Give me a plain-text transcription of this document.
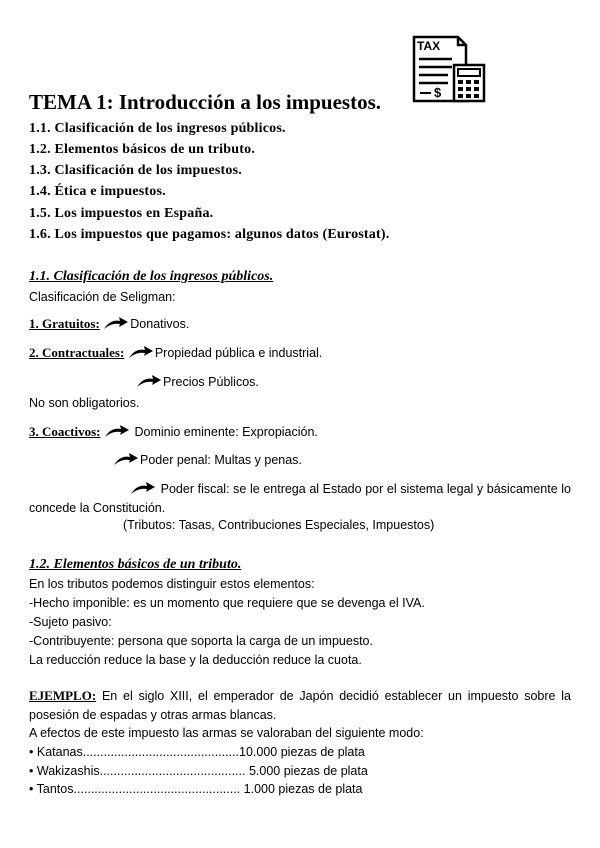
TAX
$
TEMA 1: Introducción a los impuestos.
1.1. Clasificación de los ingresos públicos.
1.2. Elementos básicos de un tributo.
1.3. Clasificación de los impuestos.
1.4. Ética e impuestos.
1.5. Los impuestos en España.
1.6. Los impuestos que pagamos: algunos datos (Eurostat).
1.1. Clasificación de los ingresos públicos.
Clasificación de Seligman:
1. Gratuitos: Donativos.
2. Contractuales: Propiedad pública e industrial.
Precios Públicos.
No son obligatorios.
3. Coactivos:	Dominio eminente: Expropiación.
Poder penal: Multas y penas.
Poder fiscal: se le entrega al Estado por el sistema legal y básicamente lo concede la Constitución.
(Tributos: Tasas, Contribuciones Especiales, Impuestos)
1.2. Elementos básicos de un tributo.
En los tributos podemos distinguir estos elementos:
-Hecho imponible: es un momento que requiere que se devenga el IVA.
-Sujeto pasivo:
-Contribuyente: persona que soporta la carga de un impuesto.
La reducción reduce la base y la deducción reduce la cuota.
EJEMPLO: En el siglo XIII, el emperador de Japón decidió establecer un impuesto sobre la posesión de espadas y otras armas blancas.
A efectos de este impuesto las armas se valoraban del siguiente modo:
• Katanas.............................................10.000 piezas de plata
• Wakizashis.......................................... 5.000 piezas de plata
• Tantos................................................ 1.000 piezas de plata
